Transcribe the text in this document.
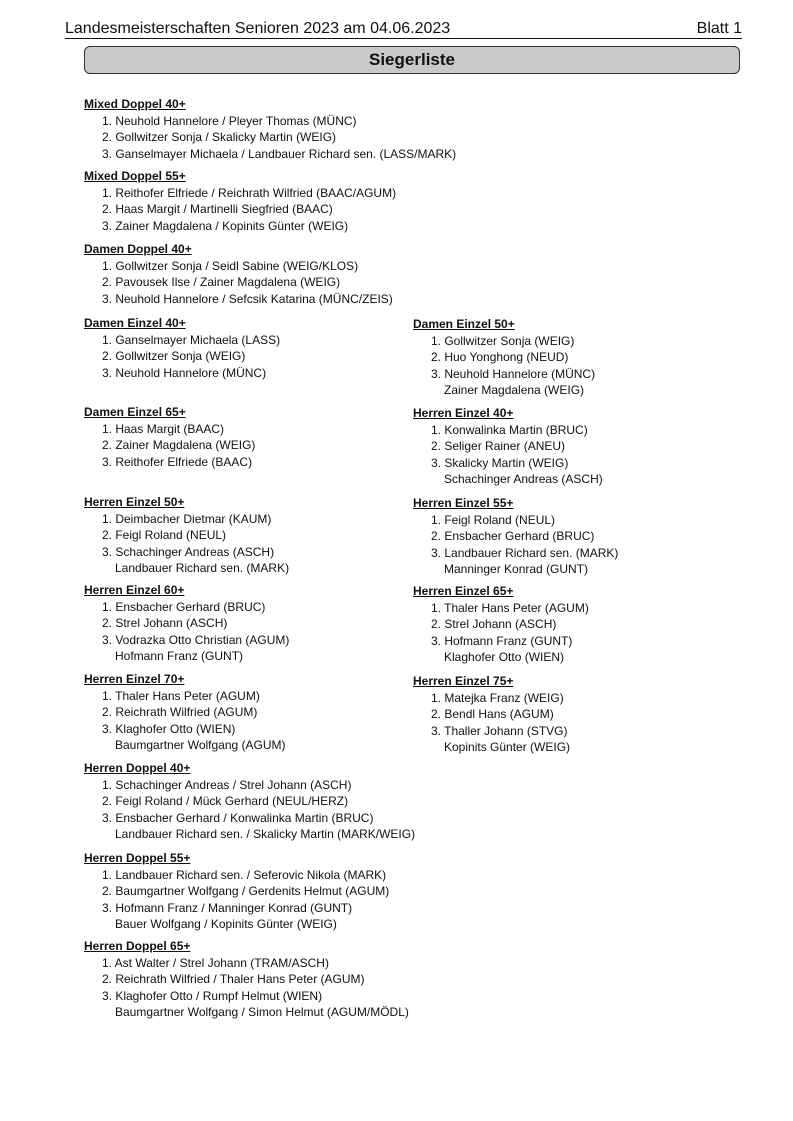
Landesmeisterschaften Senioren 2023 am 04.06.2023	Blatt 1
Siegerliste
Mixed Doppel 40+
1. Neuhold Hannelore / Pleyer Thomas (MÜNC)
2. Gollwitzer Sonja / Skalicky Martin (WEIG)
3. Ganselmayer Michaela / Landbauer Richard sen. (LASS/MARK)
Mixed Doppel 55+
1. Reithofer Elfriede / Reichrath Wilfried (BAAC/AGUM)
2. Haas Margit / Martinelli Siegfried (BAAC)
3. Zainer Magdalena / Kopinits Günter (WEIG)
Damen Doppel 40+
1. Gollwitzer Sonja / Seidl Sabine (WEIG/KLOS)
2. Pavousek Ilse / Zainer Magdalena (WEIG)
3. Neuhold Hannelore / Sefcsik Katarina (MÜNC/ZEIS)
Damen Einzel 40+
1. Ganselmayer Michaela (LASS)
2. Gollwitzer Sonja (WEIG)
3. Neuhold Hannelore (MÜNC)
Damen Einzel 65+
1. Haas Margit (BAAC)
2. Zainer Magdalena (WEIG)
3. Reithofer Elfriede (BAAC)
Herren Einzel 50+
1. Deimbacher Dietmar (KAUM)
2. Feigl Roland (NEUL)
3. Schachinger Andreas (ASCH)
Landbauer Richard sen. (MARK)
Herren Einzel 60+
1. Ensbacher Gerhard (BRUC)
2. Strel Johann (ASCH)
3. Vodrazka Otto Christian (AGUM)
Hofmann Franz (GUNT)
Herren Einzel 70+
1. Thaler Hans Peter (AGUM)
2. Reichrath Wilfried (AGUM)
3. Klaghofer Otto (WIEN)
Baumgartner Wolfgang (AGUM)
Herren Doppel 40+
1. Schachinger Andreas / Strel Johann (ASCH)
2. Feigl Roland / Mück Gerhard (NEUL/HERZ)
3. Ensbacher Gerhard / Konwalinka Martin (BRUC)
Landbauer Richard sen. / Skalicky Martin (MARK/WEIG)
Herren Doppel 55+
1. Landbauer Richard sen. / Seferovic Nikola (MARK)
2. Baumgartner Wolfgang / Gerdenits Helmut (AGUM)
3. Hofmann Franz / Manninger Konrad (GUNT)
Bauer Wolfgang / Kopinits Günter (WEIG)
Herren Doppel 65+
1. Ast Walter / Strel Johann (TRAM/ASCH)
2. Reichrath Wilfried / Thaler Hans Peter (AGUM)
3. Klaghofer Otto / Rumpf Helmut (WIEN)
Baumgartner Wolfgang / Simon Helmut (AGUM/MÖDL)
Damen Einzel 50+
1. Gollwitzer Sonja (WEIG)
2. Huo Yonghong (NEUD)
3. Neuhold Hannelore (MÜNC)
Zainer Magdalena (WEIG)
Herren Einzel 40+
1. Konwalinka Martin (BRUC)
2. Seliger Rainer (ANEU)
3. Skalicky Martin (WEIG)
Schachinger Andreas (ASCH)
Herren Einzel 55+
1. Feigl Roland (NEUL)
2. Ensbacher Gerhard (BRUC)
3. Landbauer Richard sen. (MARK)
Manninger Konrad (GUNT)
Herren Einzel 65+
1. Thaler Hans Peter (AGUM)
2. Strel Johann (ASCH)
3. Hofmann Franz (GUNT)
Klaghofer Otto (WIEN)
Herren Einzel 75+
1. Matejka Franz (WEIG)
2. Bendl Hans (AGUM)
3. Thaller Johann (STVG)
Kopinits Günter (WEIG)
